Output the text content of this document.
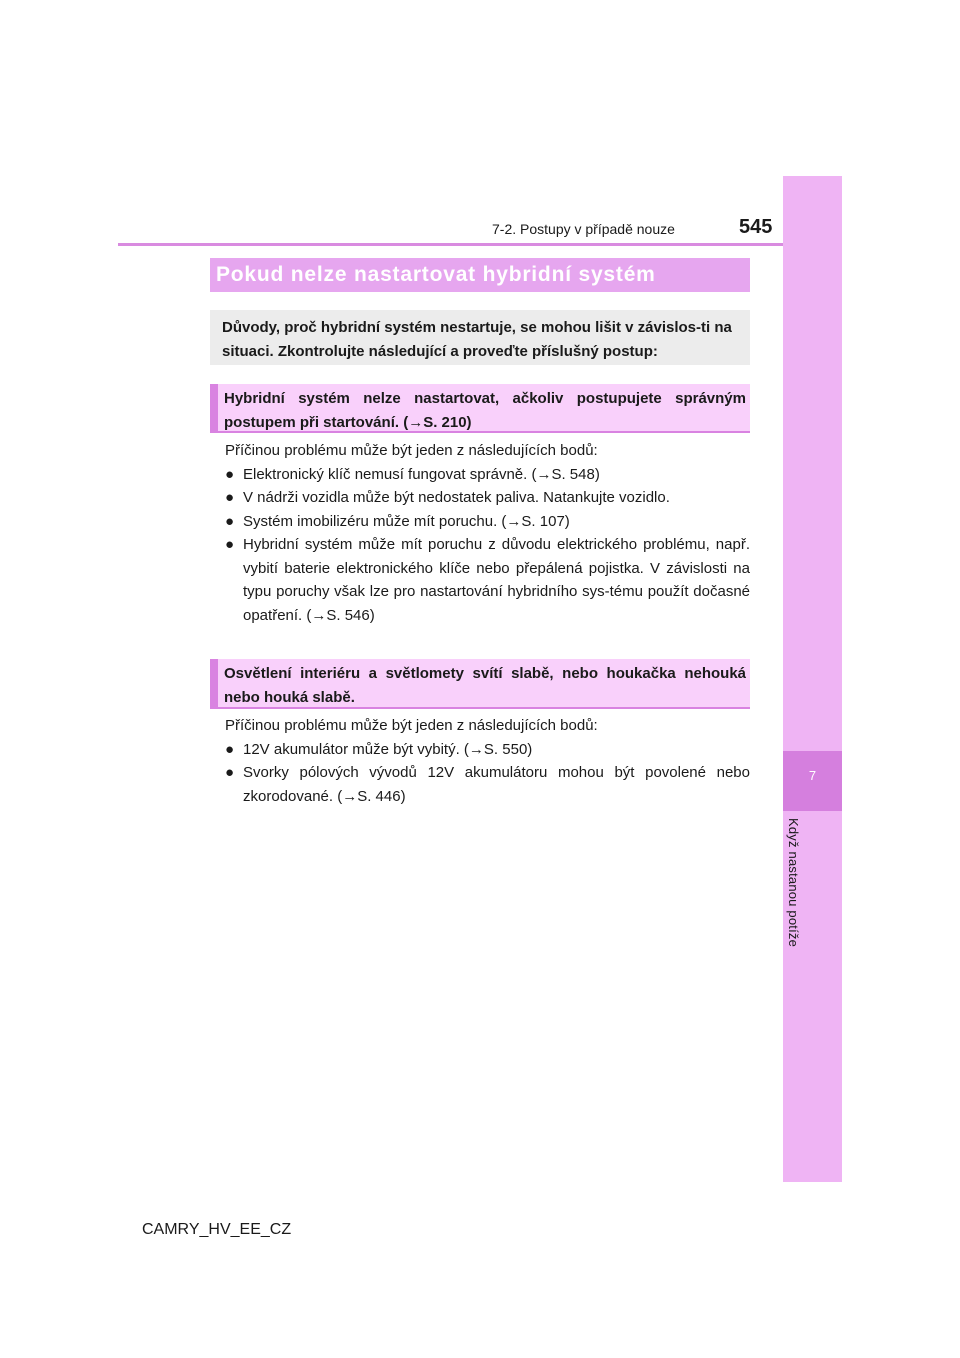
7-2. Postupy v případě nouze	545
7
Když nastanou potíže
Pokud nelze nastartovat hybridní systém
Důvody, proč hybridní systém nestartuje, se mohou lišit v závislos-ti na situaci. Zkontrolujte následující a proveďte příslušný postup:
Hybridní systém nelze nastartovat, ačkoliv postupujete správným postupem při startování. (→S. 210)

Příčinou problému může být jeden z následujících bodů:

● Elektronický klíč nemusí fungovat správně. (→S. 548)
● V nádrži vozidla může být nedostatek paliva. Natankujte vozidlo.
● Systém imobilizéru může mít poruchu. (→S. 107)
● Hybridní systém může mít poruchu z důvodu elektrického problému, např. vybití baterie elektronického klíče nebo přepálená pojistka. V závislosti na typu poruchy však lze pro nastartování hybridního sys-tému použít dočasné opatření. (→S. 546)
Osvětlení interiéru a světlomety svítí slabě, nebo houkačka nehouká nebo houká slabě.

Příčinou problému může být jeden z následujících bodů:

● 12V akumulátor může být vybitý. (→S. 550)
● Svorky pólových vývodů 12V akumulátoru mohou být povolené nebo zkorodované. (→S. 446)
CAMRY_HV_EE_CZ
